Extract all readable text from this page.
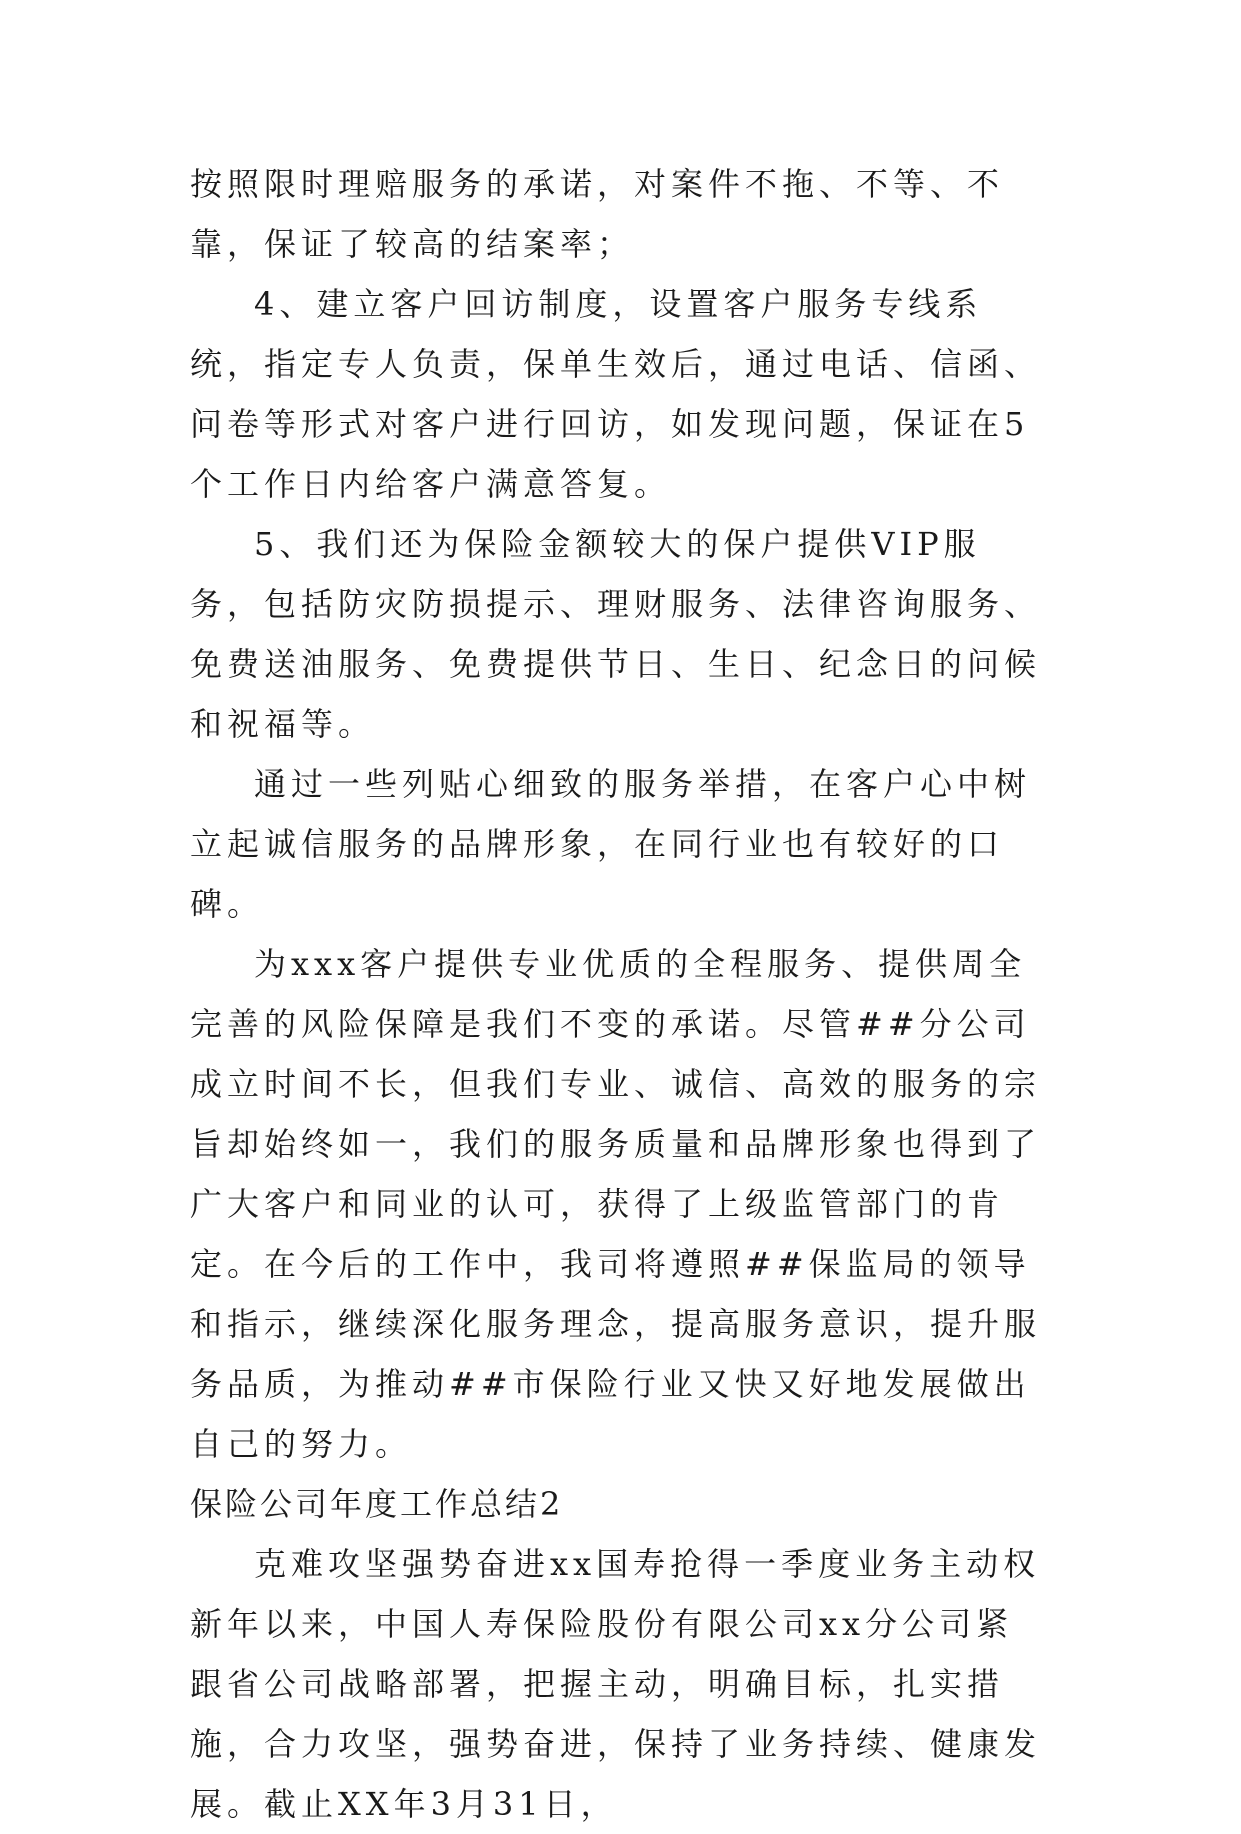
按照限时理赔服务的承诺，对案件不拖、不等、不靠，保证了较高的结案率；

4、建立客户回访制度，设置客户服务专线系统，指定专人负责，保单生效后，通过电话、信函、问卷等形式对客户进行回访，如发现问题，保证在5个工作日内给客户满意答复。

5、我们还为保险金额较大的保户提供VIP服务，包括防灾防损提示、理财服务、法律咨询服务、免费送油服务、免费提供节日、生日、纪念日的问候和祝福等。

通过一些列贴心细致的服务举措，在客户心中树立起诚信服务的品牌形象，在同行业也有较好的口碑。

为xxx客户提供专业优质的全程服务、提供周全完善的风险保障是我们不变的承诺。尽管##分公司成立时间不长，但我们专业、诚信、高效的服务的宗旨却始终如一，我们的服务质量和品牌形象也得到了广大客户和同业的认可，获得了上级监管部门的肯定。在今后的工作中，我司将遵照##保监局的领导和指示，继续深化服务理念，提高服务意识，提升服务品质，为推动##市保险行业又快又好地发展做出自己的努力。

保险公司年度工作总结2

克难攻坚强势奋进xx国寿抢得一季度业务主动权新年以来，中国人寿保险股份有限公司xx分公司紧跟省公司战略部署，把握主动，明确目标，扎实措施，合力攻坚，强势奋进，保持了业务持续、健康发展。截止XX年3月31日，
